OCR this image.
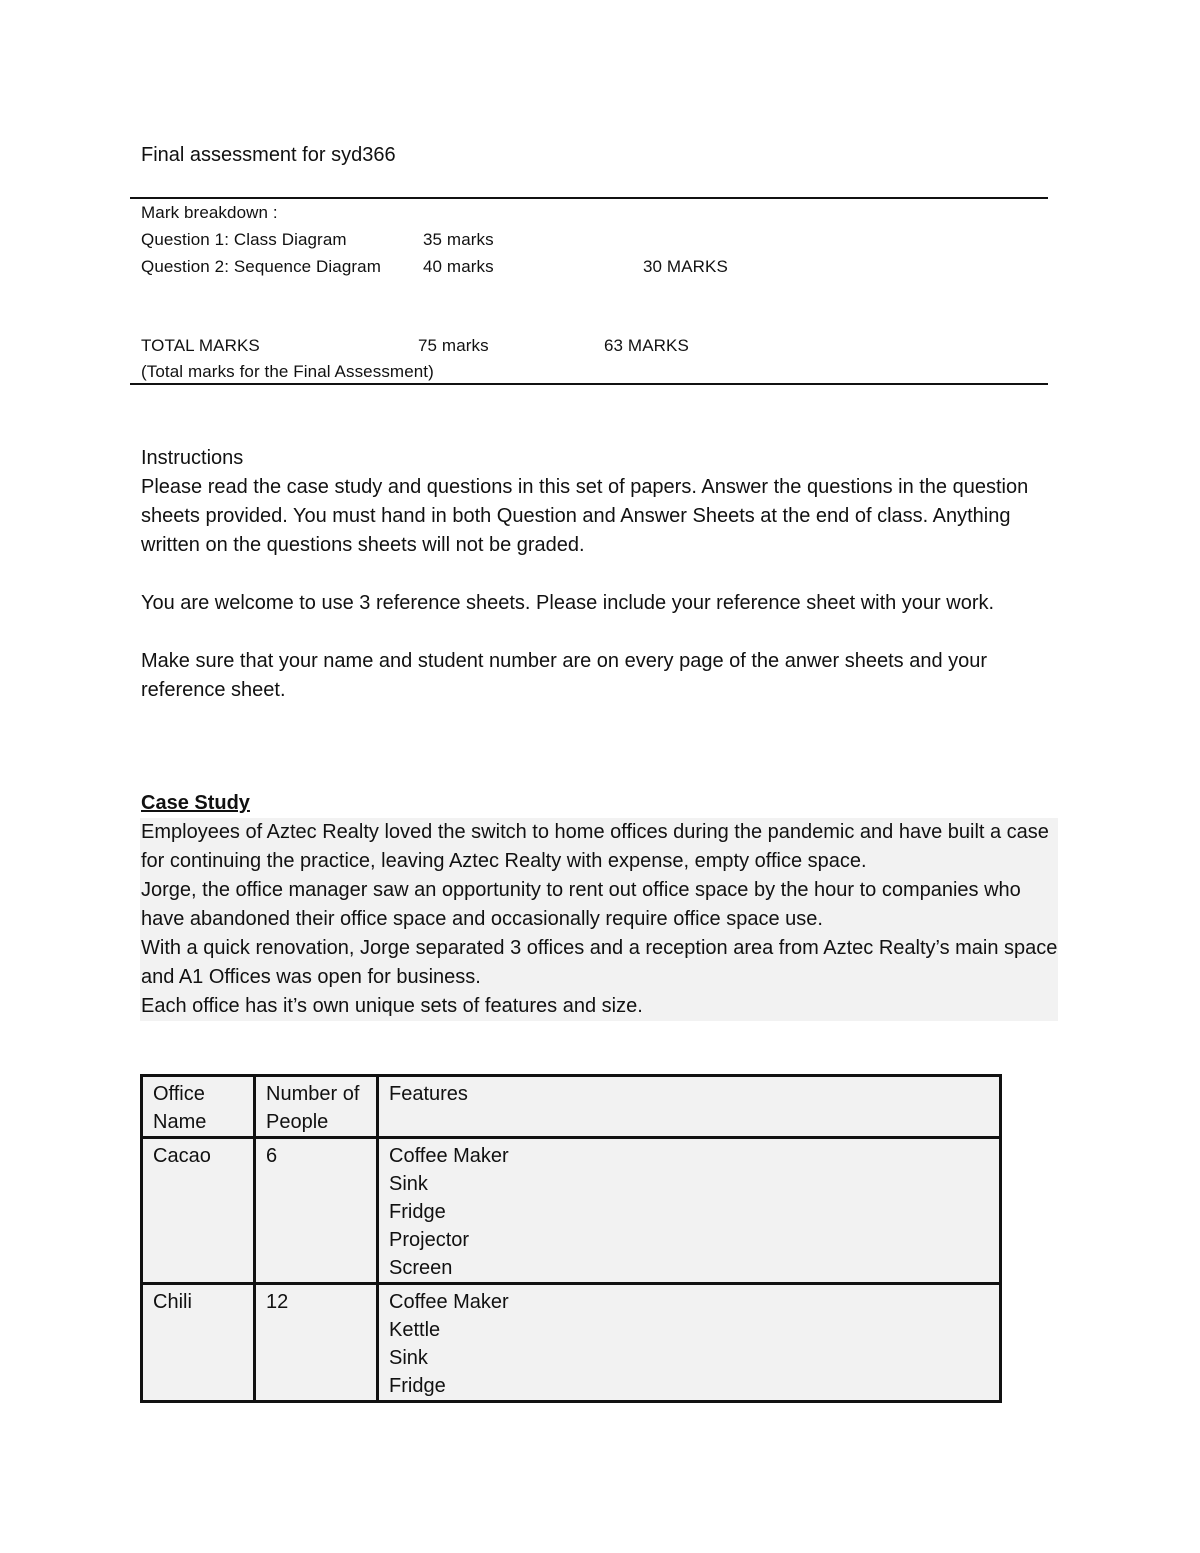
Final assessment for syd366
Mark breakdown :
Question 1: Class Diagram	35 marks
Question 2: Sequence Diagram 40 marks	30 MARKS
TOTAL MARKS	75 marks	63 MARKS
(Total marks for the Final Assessment)

Instructions

Please read the case study and questions in this set of papers. Answer the questions in the question sheets provided. You must hand in both Question and Answer Sheets at the end of class. Anything written on the questions sheets will not be graded.

You are welcome to use 3 reference sheets. Please include your reference sheet with your work.

Make sure that your name and student number are on every page of the anwer sheets and your reference sheet.

Case Study

Employees of Aztec Realty loved the switch to home offices during the pandemic and have built a case for continuing the practice, leaving Aztec Realty with expense, empty office space.

Jorge, the office manager saw an opportunity to rent out office space by the hour to companies who have abandoned their office space and occasionally require office space use.

With a quick renovation, Jorge separated 3 offices and a reception area from Aztec Realty’s main space and A1 Offices was open for business.

Each office has it’s own unique sets of features and size.

Office Name	Number of People	Features
Cacao	6	Coffee Maker
Sink
Fridge
Projector
Screen

Chili	12	Coffee Maker
Kettle
Sink
Fridge
